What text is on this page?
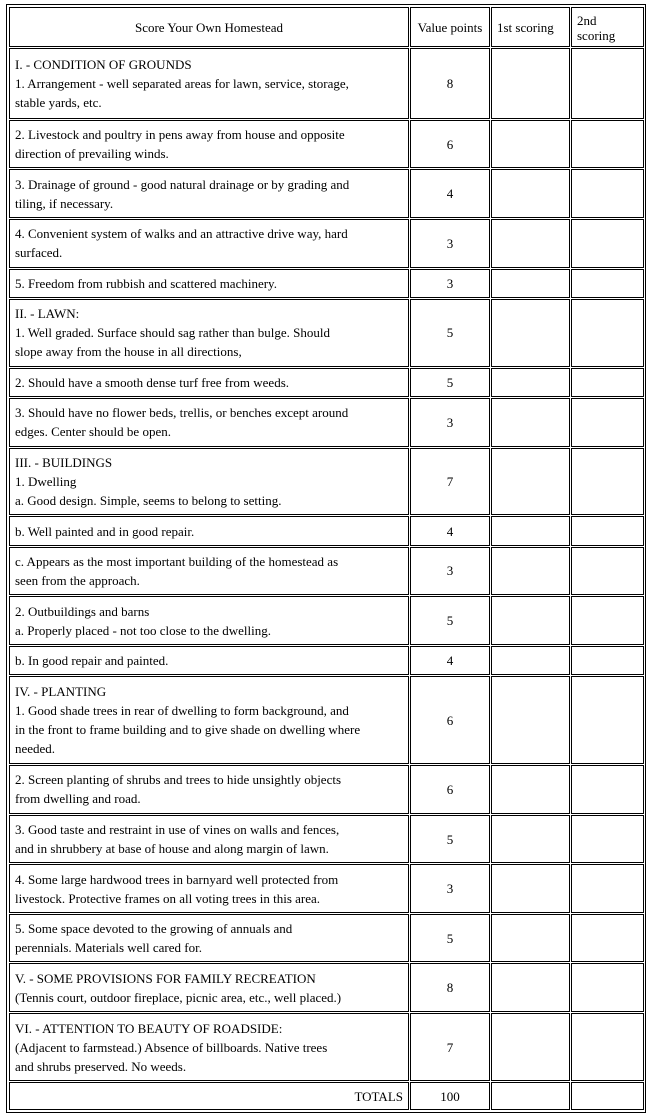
Score Your Own Homestead	Value points	1st scoring	2nd
scoring

I. - CONDITION OF GROUNDS
1. Arrangement - well separated areas for lawn, service, storage,
stable yards, etc.	8		

2. Livestock and poultry in pens away from house and opposite
direction of prevailing winds.	6		

3. Drainage of ground - good natural drainage or by grading and
tiling, if necessary.	4		

4. Convenient system of walks and an attractive drive way, hard
surfaced.	3		

5. Freedom from rubbish and scattered machinery.	3		

II. - LAWN:
1. Well graded. Surface should sag rather than bulge. Should
slope away from the house in all directions,	5		

2. Should have a smooth dense turf free from weeds.	5		

3. Should have no flower beds, trellis, or benches except around
edges. Center should be open.	3		

III. - BUILDINGS
1. Dwelling
a. Good design. Simple, seems to belong to setting.	7		

b. Well painted and in good repair.	4		

c. Appears as the most important building of the homestead as
seen from the approach.	3		

2. Outbuildings and barns
a. Properly placed - not too close to the dwelling.	5		

b. In good repair and painted.	4		

IV. - PLANTING
1. Good shade trees in rear of dwelling to form background, and
in the front to frame building and to give shade on dwelling where
needed.	6		

2. Screen planting of shrubs and trees to hide unsightly objects
from dwelling and road.	6		

3. Good taste and restraint in use of vines on walls and fences,
and in shrubbery at base of house and along margin of lawn.	5		

4. Some large hardwood trees in barnyard well protected from
livestock. Protective frames on all voting trees in this area.	3		

5. Some space devoted to the growing of annuals and
perennials. Materials well cared for.	5		

V. - SOME PROVISIONS FOR FAMILY RECREATION
(Tennis court, outdoor fireplace, picnic area, etc., well placed.)	8		

VI. - ATTENTION TO BEAUTY OF ROADSIDE:
(Adjacent to farmstead.) Absence of billboards. Native trees
and shrubs preserved. No weeds.	7		
TOTALS	100		
